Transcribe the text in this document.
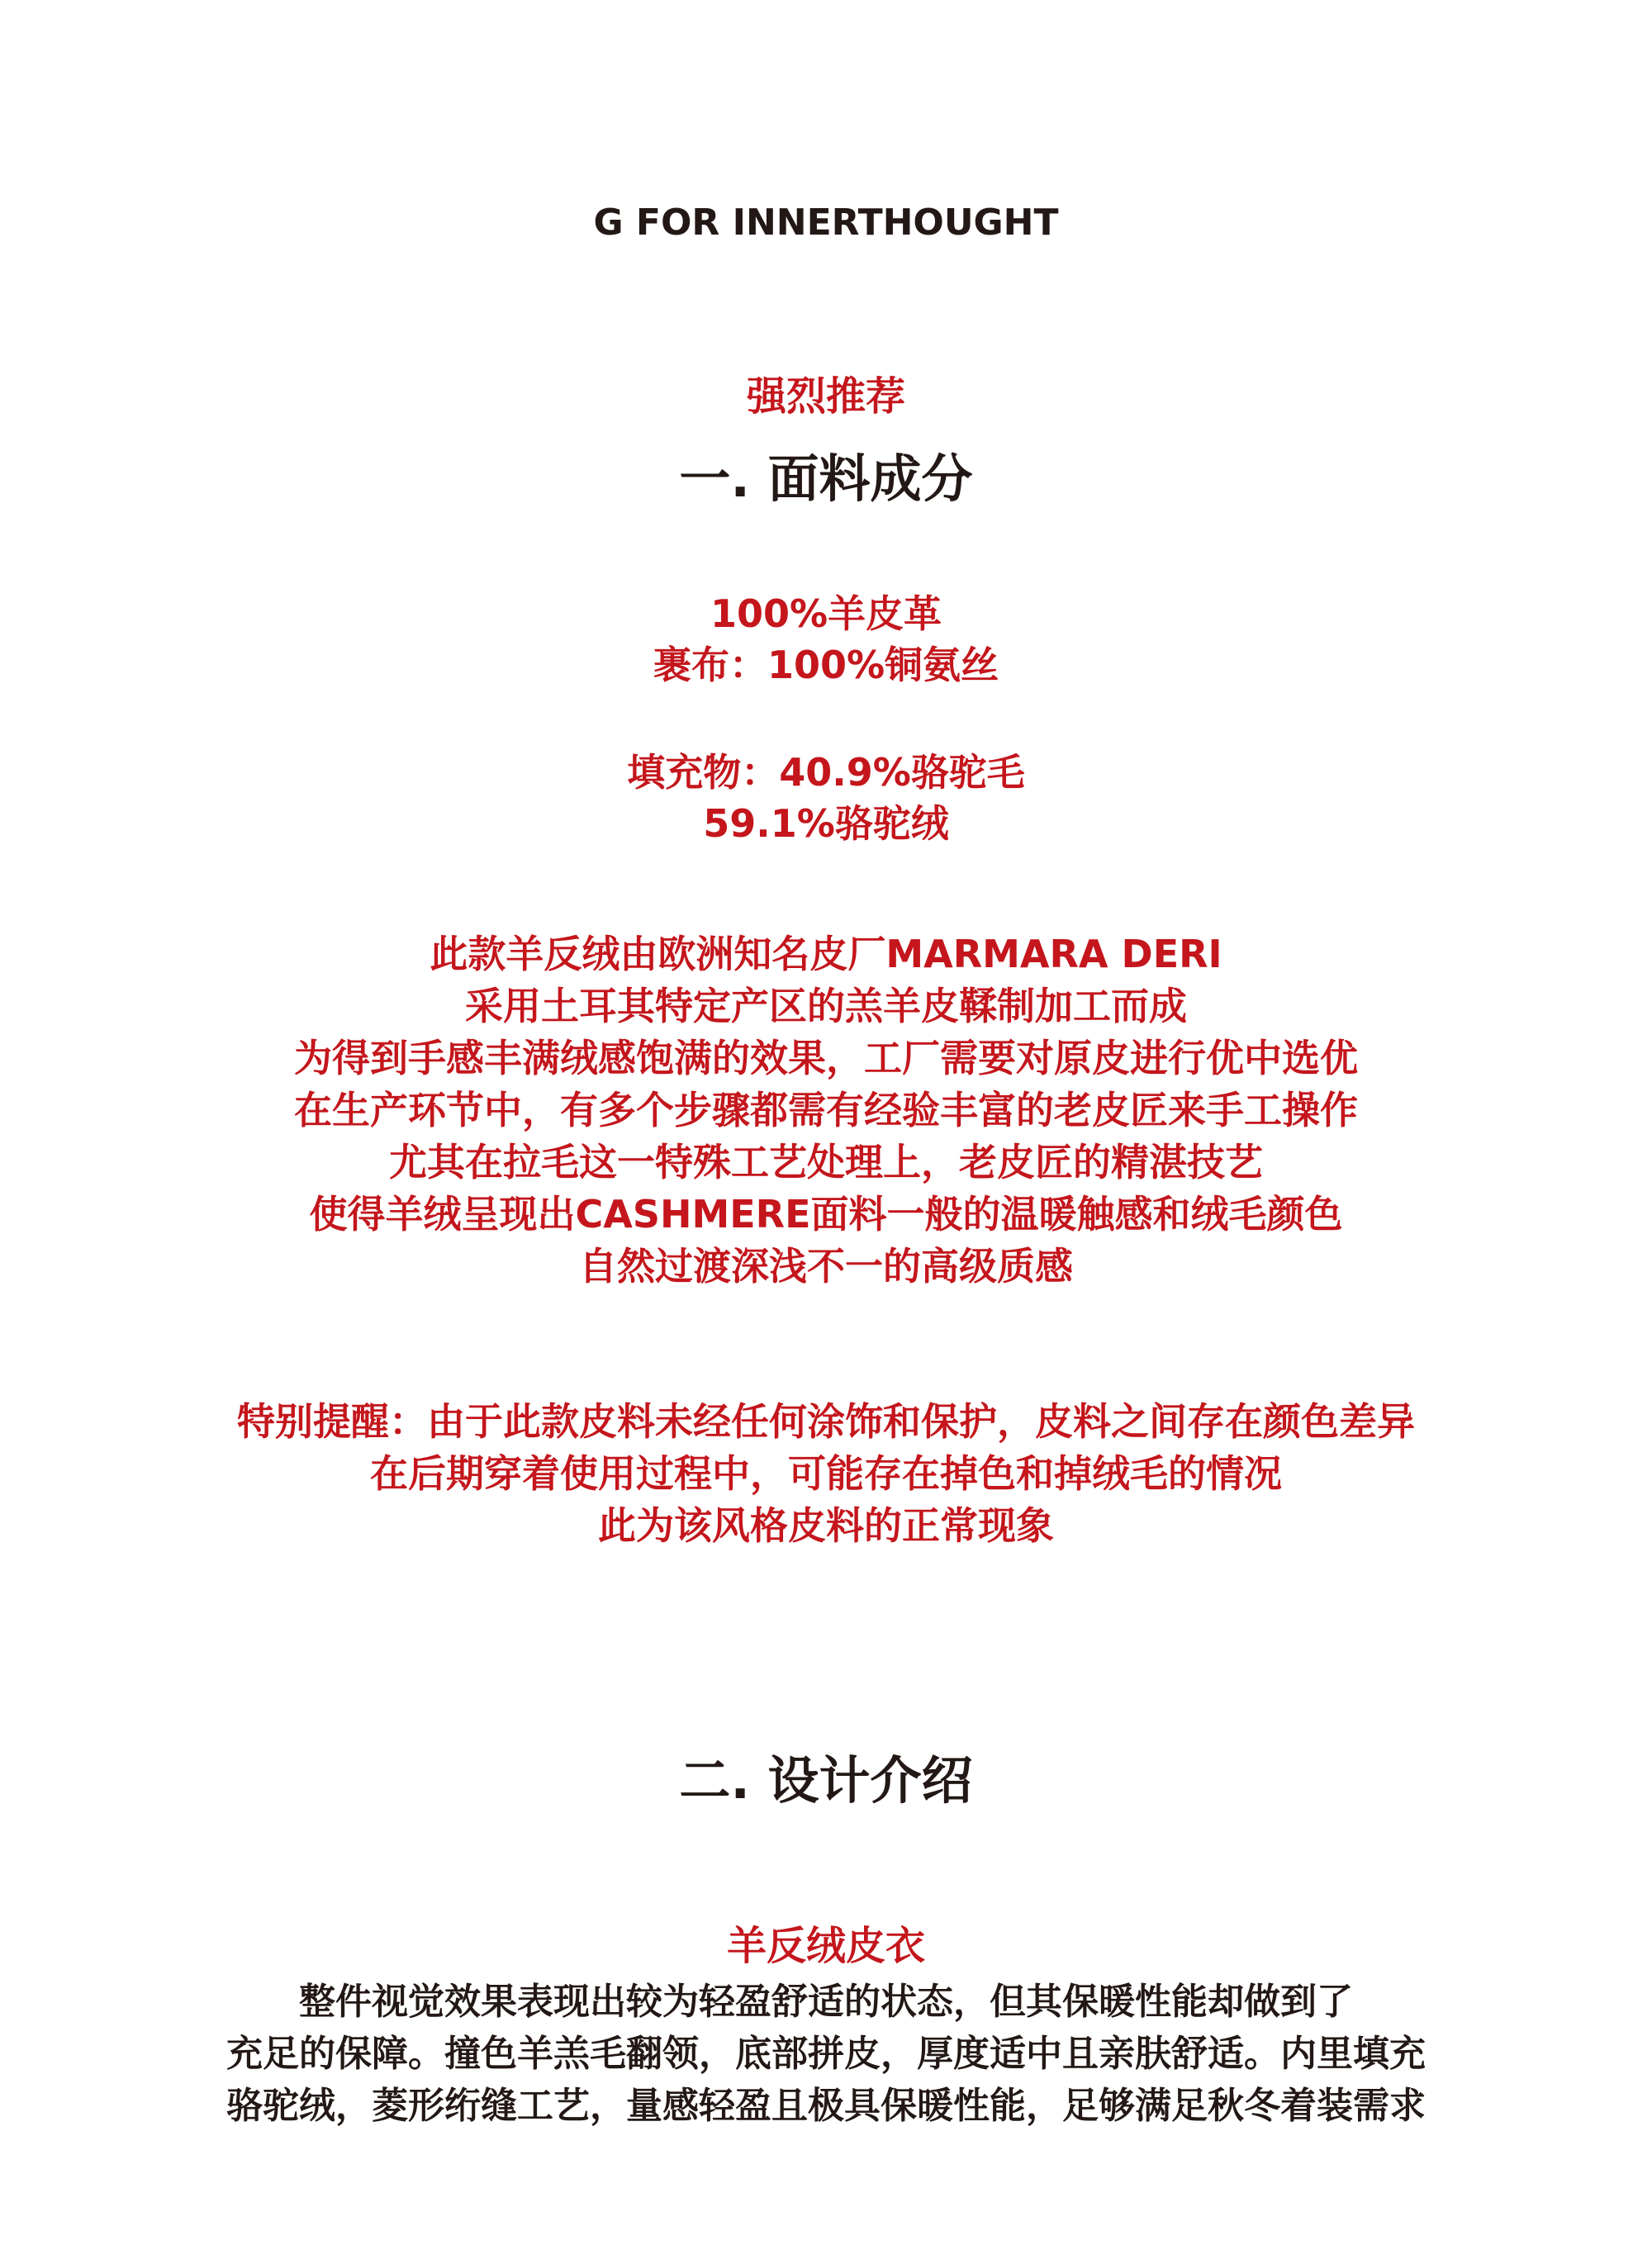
G FOR INNERTHOUGHT
强烈推荐
一. 面料成分
100%羊皮革
裹布：100%铜氨丝
填充物：40.9%骆驼毛
59.1%骆驼绒
此款羊反绒由欧洲知名皮厂MARMARA DERI
采用土耳其特定产区的羔羊皮鞣制加工而成
为得到手感丰满绒感饱满的效果，工厂需要对原皮进行优中选优
在生产环节中，有多个步骤都需有经验丰富的老皮匠来手工操作
尤其在拉毛这一特殊工艺处理上，老皮匠的精湛技艺
使得羊绒呈现出CASHMERE面料一般的温暖触感和绒毛颜色
自然过渡深浅不一的高级质感
特别提醒：由于此款皮料未经任何涂饰和保护，皮料之间存在颜色差异
在后期穿着使用过程中，可能存在掉色和掉绒毛的情况
此为该风格皮料的正常现象
二. 设计介绍
羊反绒皮衣
整件视觉效果表现出较为轻盈舒适的状态，但其保暖性能却做到了
充足的保障。撞色羊羔毛翻领，底部拼皮，厚度适中且亲肤舒适。内里填充
骆驼绒，菱形绗缝工艺，量感轻盈且极具保暖性能，足够满足秋冬着装需求
